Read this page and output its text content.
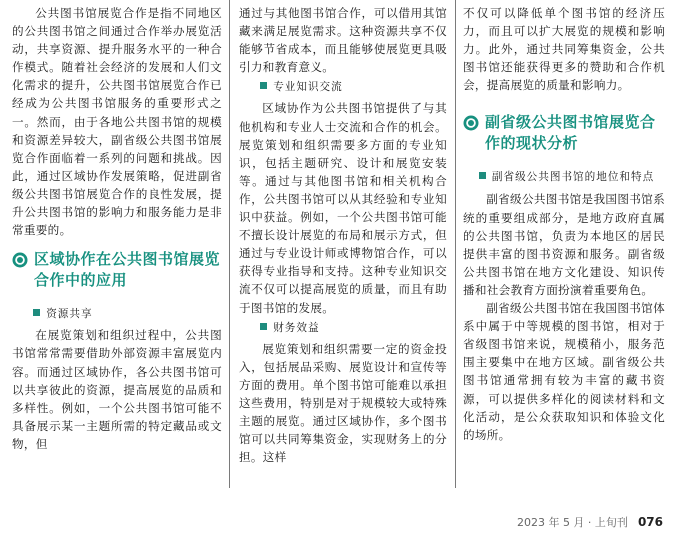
公共图书馆展览合作是指不同地区的公共图书馆之间通过合作举办展览活动，共享资源、提升服务水平的一种合作模式。随着社会经济的发展和人们文化需求的提升，公共图书馆展览合作已经成为公共图书馆服务的重要形式之一。然而，由于各地公共图书馆的规模和资源差异较大，副省级公共图书馆展览合作面临着一系列的问题和挑战。因此，通过区域协作发展策略，促进副省级公共图书馆展览合作的良性发展，提升公共图书馆的影响力和服务能力是非常重要的。

区域协作在公共图书馆展览合作中的应用
资源共享

在展览策划和组织过程中，公共图书馆常常需要借助外部资源丰富展览内容。而通过区域协作，各公共图书馆可以共享彼此的资源，提高展览的品质和多样性。例如，一个公共图书馆可能不具备展示某一主题所需的特定藏品或文物，但

通过与其他图书馆合作，可以借用其馆藏来满足展览需求。这种资源共享不仅能够节省成本，而且能够使展览更具吸引力和教育意义。

专业知识交流

区域协作为公共图书馆提供了与其他机构和专业人士交流和合作的机会。展览策划和组织需要多方面的专业知识，包括主题研究、设计和展览安装等。通过与其他图书馆和相关机构合作，公共图书馆可以从其经验和专业知识中获益。例如，一个公共图书馆可能不擅长设计展览的布局和展示方式，但通过与专业设计师或博物馆合作，可以获得专业指导和支持。这种专业知识交流不仅可以提高展览的质量，而且有助于图书馆的发展。

财务效益

展览策划和组织需要一定的资金投入，包括展品采购、展览设计和宣传等方面的费用。单个图书馆可能难以承担这些费用，特别是对于规模较大或特殊主题的展览。通过区域协作，多个图书馆可以共同筹集资金，实现财务上的分担。这样

不仅可以降低单个图书馆的经济压力，而且可以扩大展览的规模和影响力。此外，通过共同筹集资金，公共图书馆还能获得更多的赞助和合作机会，提高展览的质量和影响力。

副省级公共图书馆展览合作的现状分析
副省级公共图书馆的地位和特点

副省级公共图书馆是我国图书馆系统的重要组成部分，是地方政府直属的公共图书馆，负责为本地区的居民提供丰富的图书资源和服务。副省级公共图书馆在地方文化建设、知识传播和社会教育方面扮演着重要角色。

副省级公共图书馆在我国图书馆体系中属于中等规模的图书馆，相对于省级图书馆来说，规模稍小，服务范围主要集中在地方区域。副省级公共图书馆通常拥有较为丰富的藏书资源，可以提供多样化的阅读材料和文化活动，是公众获取知识和体验文化的场所。

2023 年 5 月 · 上旬刊 076
